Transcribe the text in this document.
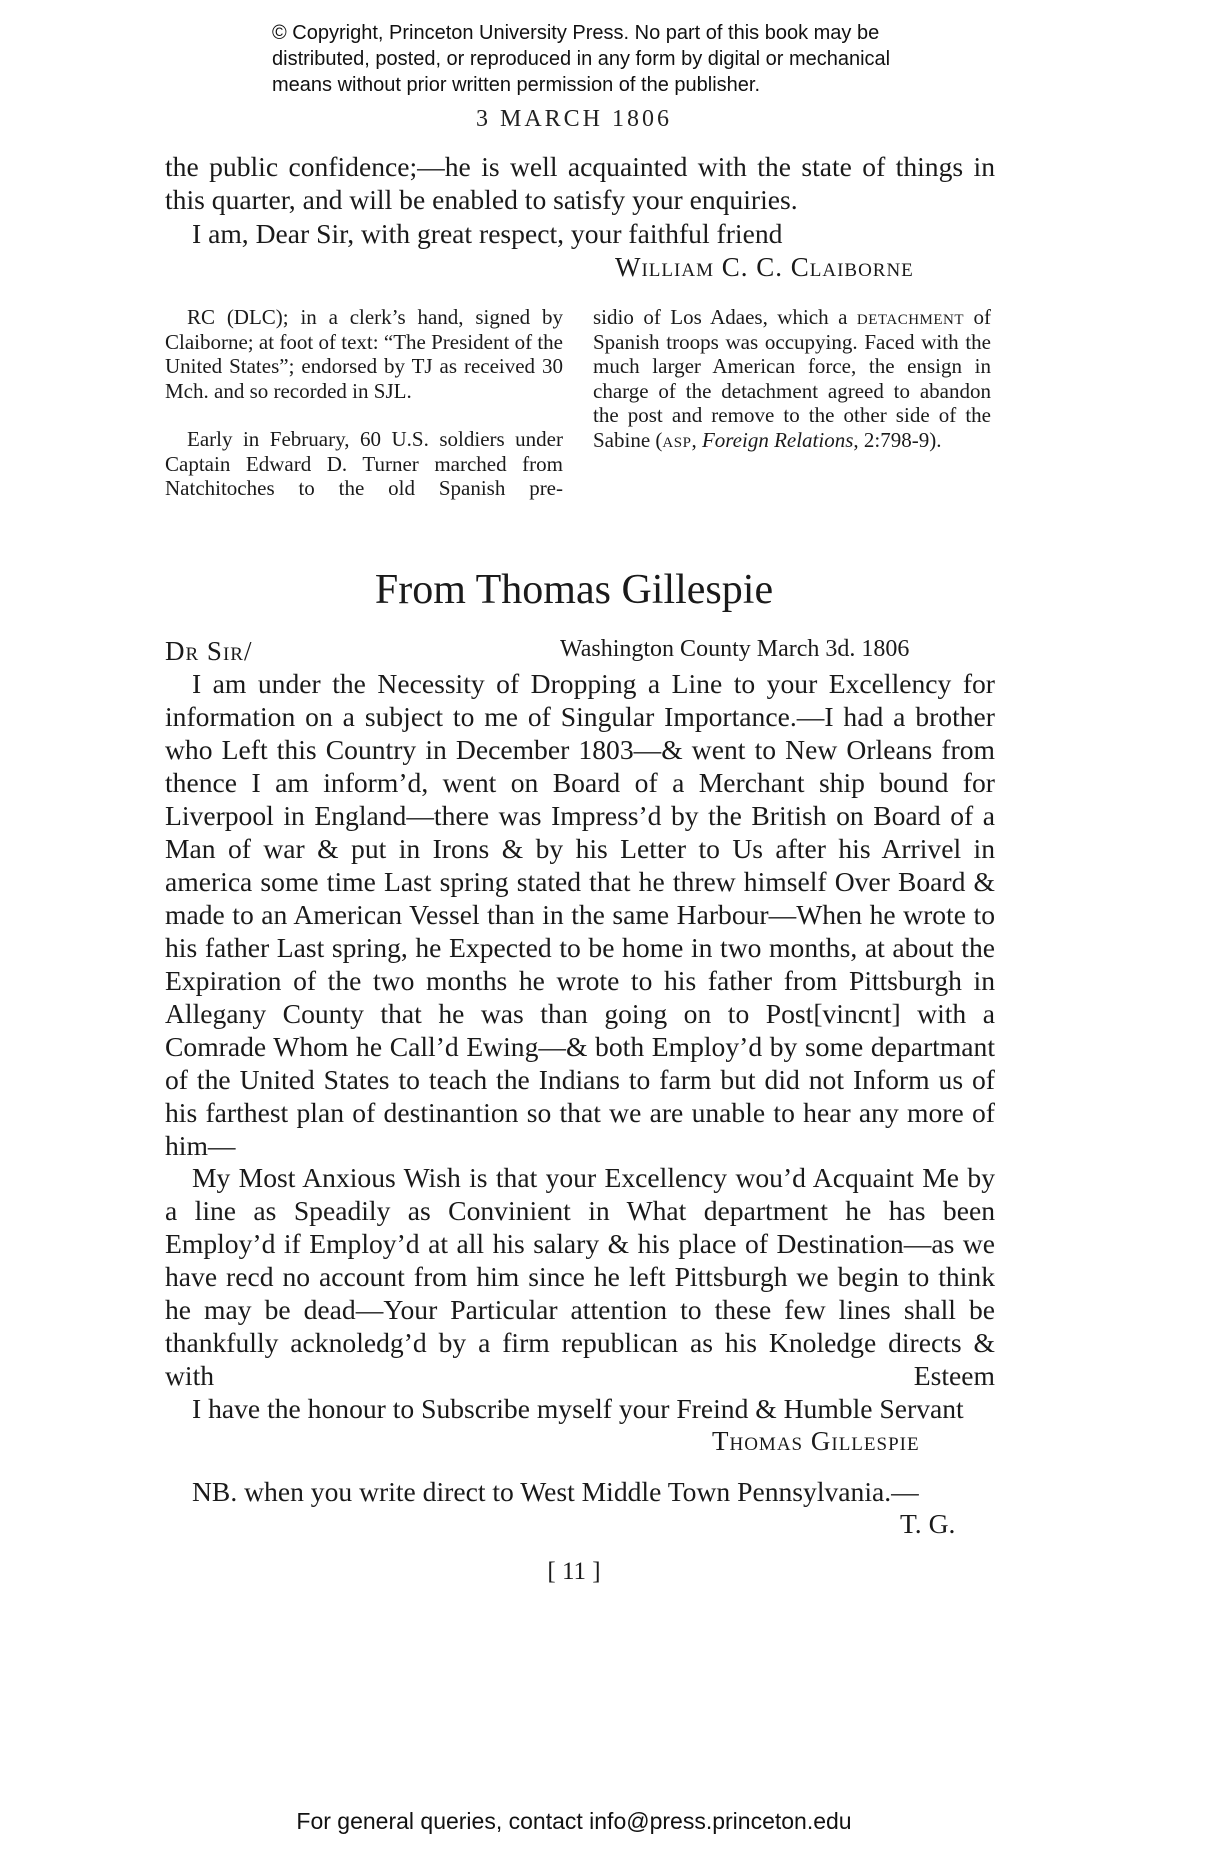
© Copyright, Princeton University Press. No part of this book may be
distributed, posted, or reproduced in any form by digital or mechanical
means without prior written permission of the publisher.
3 MARCH 1806
the public confidence;—he is well acquainted with the state of things in this quarter, and will be enabled to satisfy your enquiries.
I am, Dear Sir, with great respect, your faithful friend
William C. C. Claiborne
RC (DLC); in a clerk’s hand, signed by Claiborne; at foot of text: “The President of the United States”; endorsed by TJ as received 30 Mch. and so recorded in SJL.
Early in February, 60 U.S. soldiers under Captain Edward D. Turner marched from Natchitoches to the old Spanish pre-
sidio of Los Adaes, which a detachment of Spanish troops was occupying. Faced with the much larger American force, the ensign in charge of the detachment agreed to abandon the post and remove to the other side of the Sabine (asp, Foreign Relations, 2:798-9).
From Thomas Gillespie
Dr Sir/	Washington County March 3d. 1806
I am under the Necessity of Dropping a Line to your Excellency for information on a subject to me of Singular Importance.—I had a brother who Left this Country in December 1803—& went to New Orleans from thence I am inform’d, went on Board of a Merchant ship bound for Liverpool in England—there was Impress’d by the British on Board of a Man of war & put in Irons & by his Letter to Us after his Arrivel in america some time Last spring stated that he threw himself Over Board & made to an American Vessel than in the same Harbour—When he wrote to his father Last spring, he Expected to be home in two months, at about the Expiration of the two months he wrote to his father from Pittsburgh in Allegany County that he was than going on to Post[vincnt] with a Comrade Whom he Call’d Ewing—& both Employ’d by some departmant of the United States to teach the Indians to farm but did not Inform us of his farthest plan of destinantion so that we are unable to hear any more of him—
My Most Anxious Wish is that your Excellency wou’d Acquaint Me by a line as Speadily as Convinient in What department he has been Employ’d if Employ’d at all his salary & his place of Destination—as we have recd no account from him since he left Pittsburgh we begin to think he may be dead—Your Particular attention to these few lines shall be thankfully acknoledg’d by a firm republican as his Knoledge directs & with Esteem
I have the honour to Subscribe myself your Freind & Humble Servant
Thomas Gillespie
NB. when you write direct to West Middle Town Pennsylvania.—
T. G.
[ 11 ]
For general queries, contact info@press.princeton.edu
